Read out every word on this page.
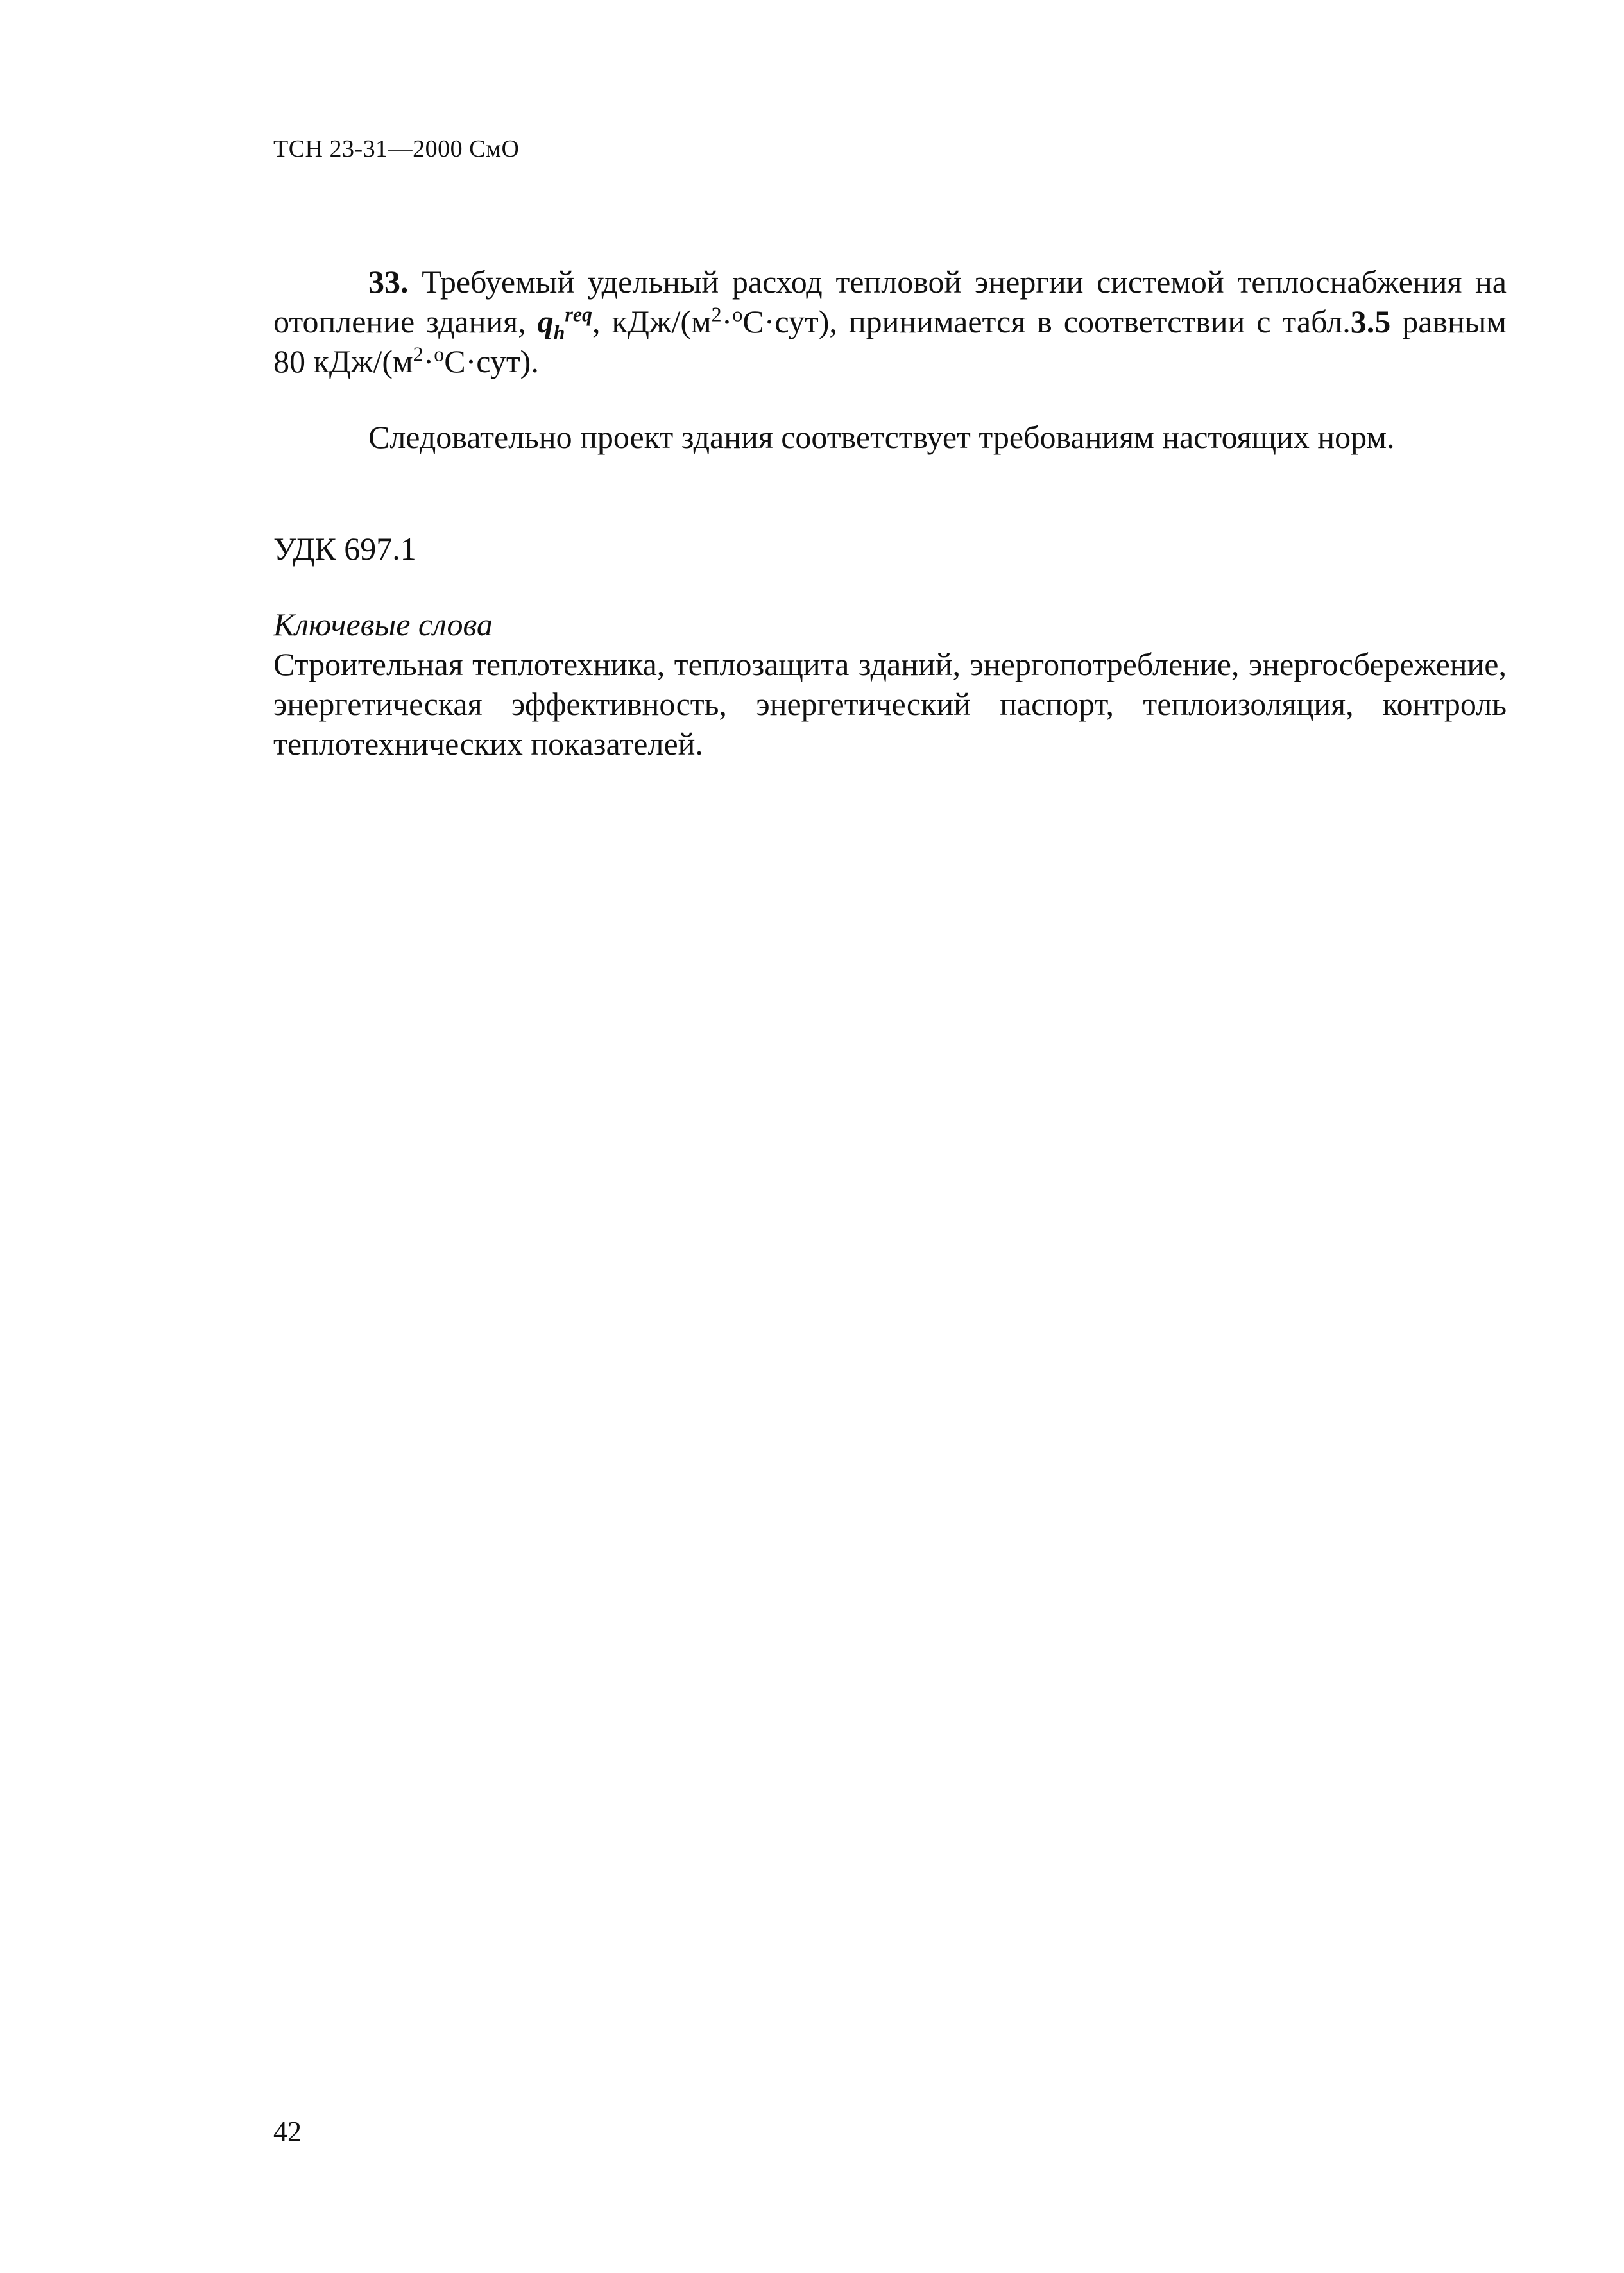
ТСН 23-31—2000 СмО

33. Требуемый удельный расход тепловой энергии системой теплоснабжения на отопление здания, $q_h^{req}$, кДж/$(м^2\cdot^oС\cdot сут)$, принимается в соответствии с табл.3.5 равным 80 кДж/$(м^2\cdot^oС\cdot сут)$.

Следовательно проект здания соответствует требованиям настоящих норм.

УДК 697.1
Ключевые слова

Строительная теплотехника, теплозащита зданий, энергопотребление, энергосбережение, энергетическая эффективность, энергетический паспорт, теплоизоляция, контроль теплотехнических показателей.

42
